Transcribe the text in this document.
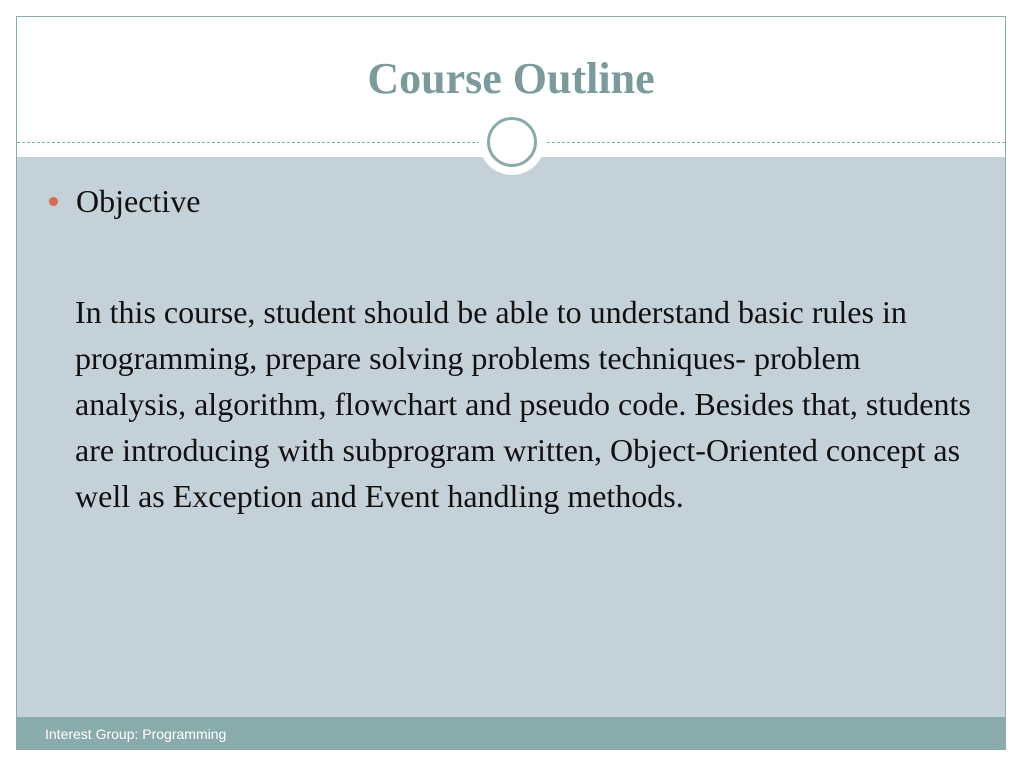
Course Outline
Objective

In this course, student should be able to understand basic rules in programming, prepare solving problems techniques- problem analysis, algorithm, flowchart and pseudo code. Besides that, students are introducing with subprogram written, Object-Oriented concept as well as Exception and Event handling methods.

Interest Group: Programming
